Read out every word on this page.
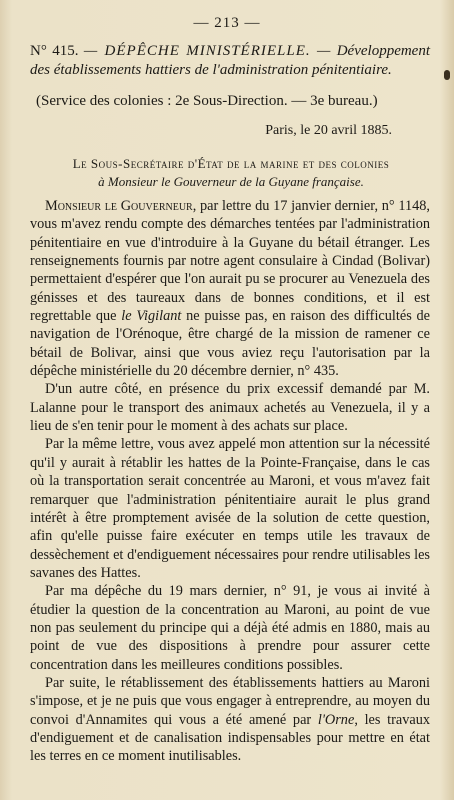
— 213 —
N° 415. — DÉPÊCHE MINISTÉRIELLE. — Développement des établissements hattiers de l'administration pénitentiaire.
(Service des colonies : 2e Sous-Direction. — 3e bureau.)
Paris, le 20 avril 1885.
Le Sous-Secrétaire d'État de la marine et des colonies
à Monsieur le Gouverneur de la Guyane française.

Monsieur le Gouverneur, par lettre du 17 janvier dernier, n° 1148, vous m'avez rendu compte des démarches tentées par l'administration pénitentiaire en vue d'introduire à la Guyane du bétail étranger. Les renseignements fournis par notre agent consulaire à Cindad (Bolivar) permettaient d'espérer que l'on aurait pu se procurer au Venezuela des génisses et des taureaux dans de bonnes conditions, et il est regrettable que le Vigilant ne puisse pas, en raison des difficultés de navigation de l'Orénoque, être chargé de la mission de ramener ce bétail de Bolivar, ainsi que vous aviez reçu l'autorisation par la dépêche ministérielle du 20 décembre dernier, n° 435.

D'un autre côté, en présence du prix excessif demandé par M. Lalanne pour le transport des animaux achetés au Venezuela, il y a lieu de s'en tenir pour le moment à des achats sur place.

Par la même lettre, vous avez appelé mon attention sur la nécessité qu'il y aurait à rétablir les hattes de la Pointe-Française, dans le cas où la transportation serait concentrée au Maroni, et vous m'avez fait remarquer que l'administration pénitentiaire aurait le plus grand intérêt à être promptement avisée de la solution de cette question, afin qu'elle puisse faire exécuter en temps utile les travaux de dessèchement et d'endiguement nécessaires pour rendre utilisables les savanes des Hattes.

Par ma dépêche du 19 mars dernier, n° 91, je vous ai invité à étudier la question de la concentration au Maroni, au point de vue non pas seulement du principe qui a déjà été admis en 1880, mais au point de vue des dispositions à prendre pour assurer cette concentration dans les meilleures conditions possibles.

Par suite, le rétablissement des établissements hattiers au Maroni s'impose, et je ne puis que vous engager à entreprendre, au moyen du convoi d'Annamites qui vous a été amené par l'Orne, les travaux d'endiguement et de canalisation indispensables pour mettre en état les terres en ce moment inutilisables.
